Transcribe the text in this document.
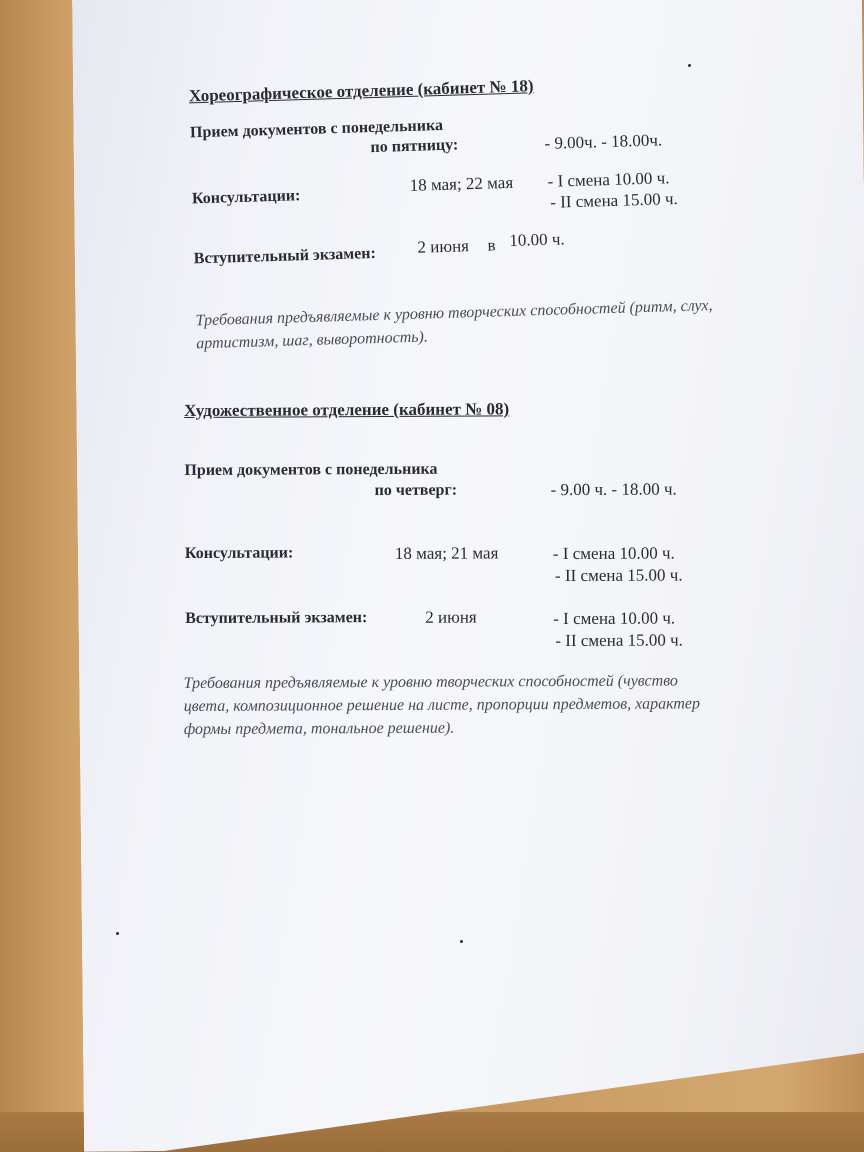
Хореографическое отделение (кабинет № 18)
Прием документов с понедельника
по пятницу:	- 9.00ч. - 18.00ч.
Консультации:
18 мая; 22 мая - I смена 10.00 ч.
- II смена 15.00 ч.
Вступительный экзамен: 2 июня в 10.00 ч.
Требования предъявляемые к уровню творческих способностей (ритм, слух,
артистизм, шаг, выворотность).
Художественное отделение (кабинет № 08)
Прием документов с понедельника
по четверг:	- 9.00 ч. - 18.00 ч.
Консультации:	18 мая; 21 мая	- I смена 10.00 ч.
- II смена 15.00 ч.
Вступительный экзамен:	2 июня	- I смена 10.00 ч.
- II смена 15.00 ч.
Требования предъявляемые к уровню творческих способностей (чувство
цвета, композиционное решение на листе, пропорции предметов, характер
формы предмета, тональное решение).
